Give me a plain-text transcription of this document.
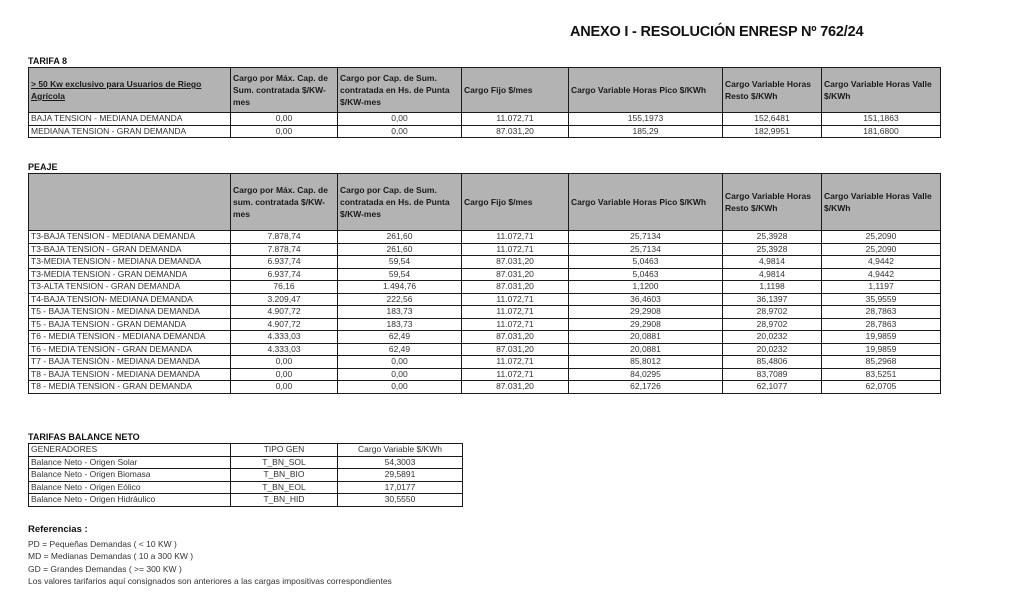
ANEXO I - RESOLUCIÓN ENRESP Nº 762/24
TARIFA 8
> 50 Kw exclusivo para Usuarios de Riego Agrícola	Cargo por Máx. Cap. de Sum. contratada $/KW-mes	Cargo por Cap. de Sum. contratada en Hs. de Punta $/KW-mes	Cargo Fijo $/mes	Cargo Variable Horas Pico $/KWh	Cargo Variable Horas Resto $/KWh	Cargo Variable Horas Valle $/KWh
BAJA TENSION - MEDIANA DEMANDA	0,00	0,00	11.072,71	155,1973	152,6481	151,1863
MEDIANA TENSION - GRAN DEMANDA	0,00	0,00	87.031,20	185,29	182,9951	181,6800
PEAJE
	Cargo por Máx. Cap. de sum. contratada $/KW-mes	Cargo por Cap. de Sum. contratada en Hs. de Punta $/KW-mes	Cargo Fijo $/mes	Cargo Variable Horas Pico $/KWh	Cargo Variable Horas Resto $/KWh	Cargo Variable Horas Valle $/KWh
T3-BAJA TENSION - MEDIANA DEMANDA	7.878,74	261,60	11.072,71	25,7134	25,3928	25,2090
T3-BAJA TENSION - GRAN DEMANDA	7.878,74	261,60	11.072,71	25,7134	25,3928	25,2090
T3-MEDIA TENSION - MEDIANA DEMANDA	6.937,74	59,54	87.031,20	5,0463	4,9814	4,9442
T3-MEDIA TENSION - GRAN DEMANDA	6.937,74	59,54	87.031,20	5,0463	4,9814	4,9442
T3-ALTA TENSION - GRAN DEMANDA	76,16	1.494,76	87.031,20	1,1200	1,1198	1,1197
T4-BAJA TENSION- MEDIANA DEMANDA	3.209,47	222,56	11.072,71	36,4603	36,1397	35,9559
T5 - BAJA TENSION - MEDIANA DEMANDA	4.907,72	183,73	11.072,71	29,2908	28,9702	28,7863
T5 - BAJA TENSION - GRAN DEMANDA	4.907,72	183,73	11.072,71	29,2908	28,9702	28,7863
T6 - MEDIA TENSION - MEDIANA DEMANDA	4.333,03	62,49	87.031,20	20,0881	20,0232	19,9859
T6 - MEDIA TENSION - GRAN DEMANDA	4.333,03	62,49	87.031,20	20,0881	20,0232	19,9859
T7 - BAJA TENSIÓN - MEDIANA DEMANDA	0,00	0,00	11.072,71	85,8012	85,4806	85,2968
T8 - BAJA TENSION - MEDIANA DEMANDA	0,00	0,00	11.072,71	84,0295	83,7089	83,5251
T8 - MEDIA TENSION - GRAN DEMANDA	0,00	0,00	87.031,20	62,1726	62,1077	62,0705
TARIFAS BALANCE NETO
GENERADORES	TIPO GEN	Cargo Variable $/KWh
Balance Neto - Origen Solar	T_BN_SOL	54,3003
Balance Neto - Origen Biomasa	T_BN_BIO	29,5891
Balance Neto - Origen Eólico	T_BN_EOL	17,0177
Balance Neto - Origen Hidráulico	T_BN_HID	30,5550
Referencias :
PD = Pequeñas Demandas ( < 10 KW )
MD = Medianas Demandas ( 10 a 300 KW )
GD = Grandes Demandas ( >= 300 KW )
Los valores tarifarios aquí consignados son anteriores a las cargas impositivas correspondientes
